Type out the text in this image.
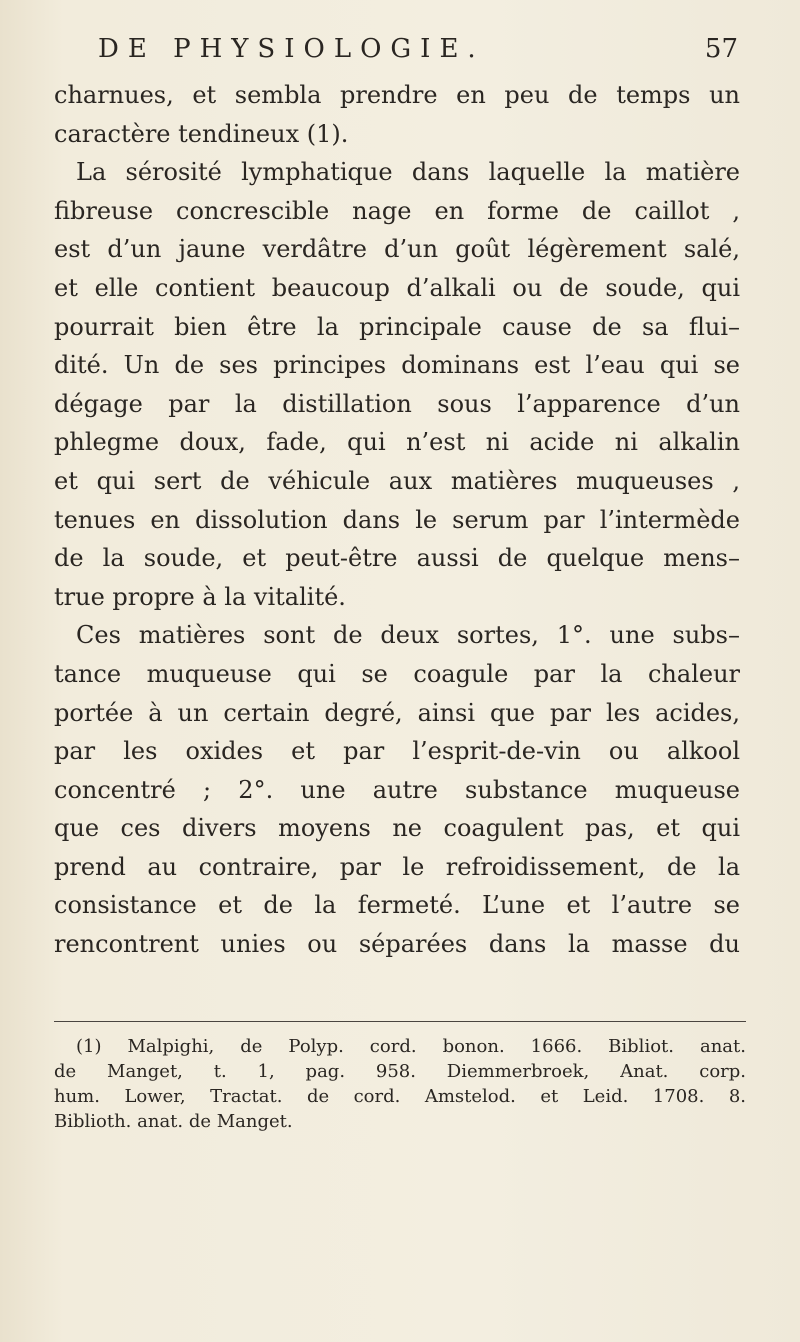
DE PHYSIOLOGIE.	57
charnues, et sembla prendre en peu de temps un
caractère tendineux (1).
La sérosité lymphatique dans laquelle la matière
fibreuse concrescible nage en forme de caillot ,
est d’un jaune verdâtre d’un goût légèrement salé,
et elle contient beaucoup d’alkali ou de soude, qui
pourrait bien être la principale cause de sa flui–
dité. Un de ses principes dominans est l’eau qui se
dégage par la distillation sous l’apparence d’un
phlegme doux, fade, qui n’est ni acide ni alkalin
et qui sert de véhicule aux matières muqueuses ,
tenues en dissolution dans le serum par l’intermède
de la soude, et peut-être aussi de quelque mens–
true propre à la vitalité.
Ces matières sont de deux sortes, 1°. une subs–
tance muqueuse qui se coagule par la chaleur
portée à un certain degré, ainsi que par les acides,
par les oxides et par l’esprit-de-vin ou alkool
concentré ; 2°. une autre substance muqueuse
que ces divers moyens ne coagulent pas, et qui
prend au contraire, par le refroidissement, de la
consistance et de la fermeté. L’une et l’autre se
rencontrent unies ou séparées dans la masse du
(1) Malpighi, de Polyp. cord. bonon. 1666. Bibliot. anat.
de Manget, t. 1, pag. 958. Diemmerbroek, Anat. corp.
hum. Lower, Tractat. de cord. Amstelod. et Leid. 1708. 8.
Biblioth. anat. de Manget.
